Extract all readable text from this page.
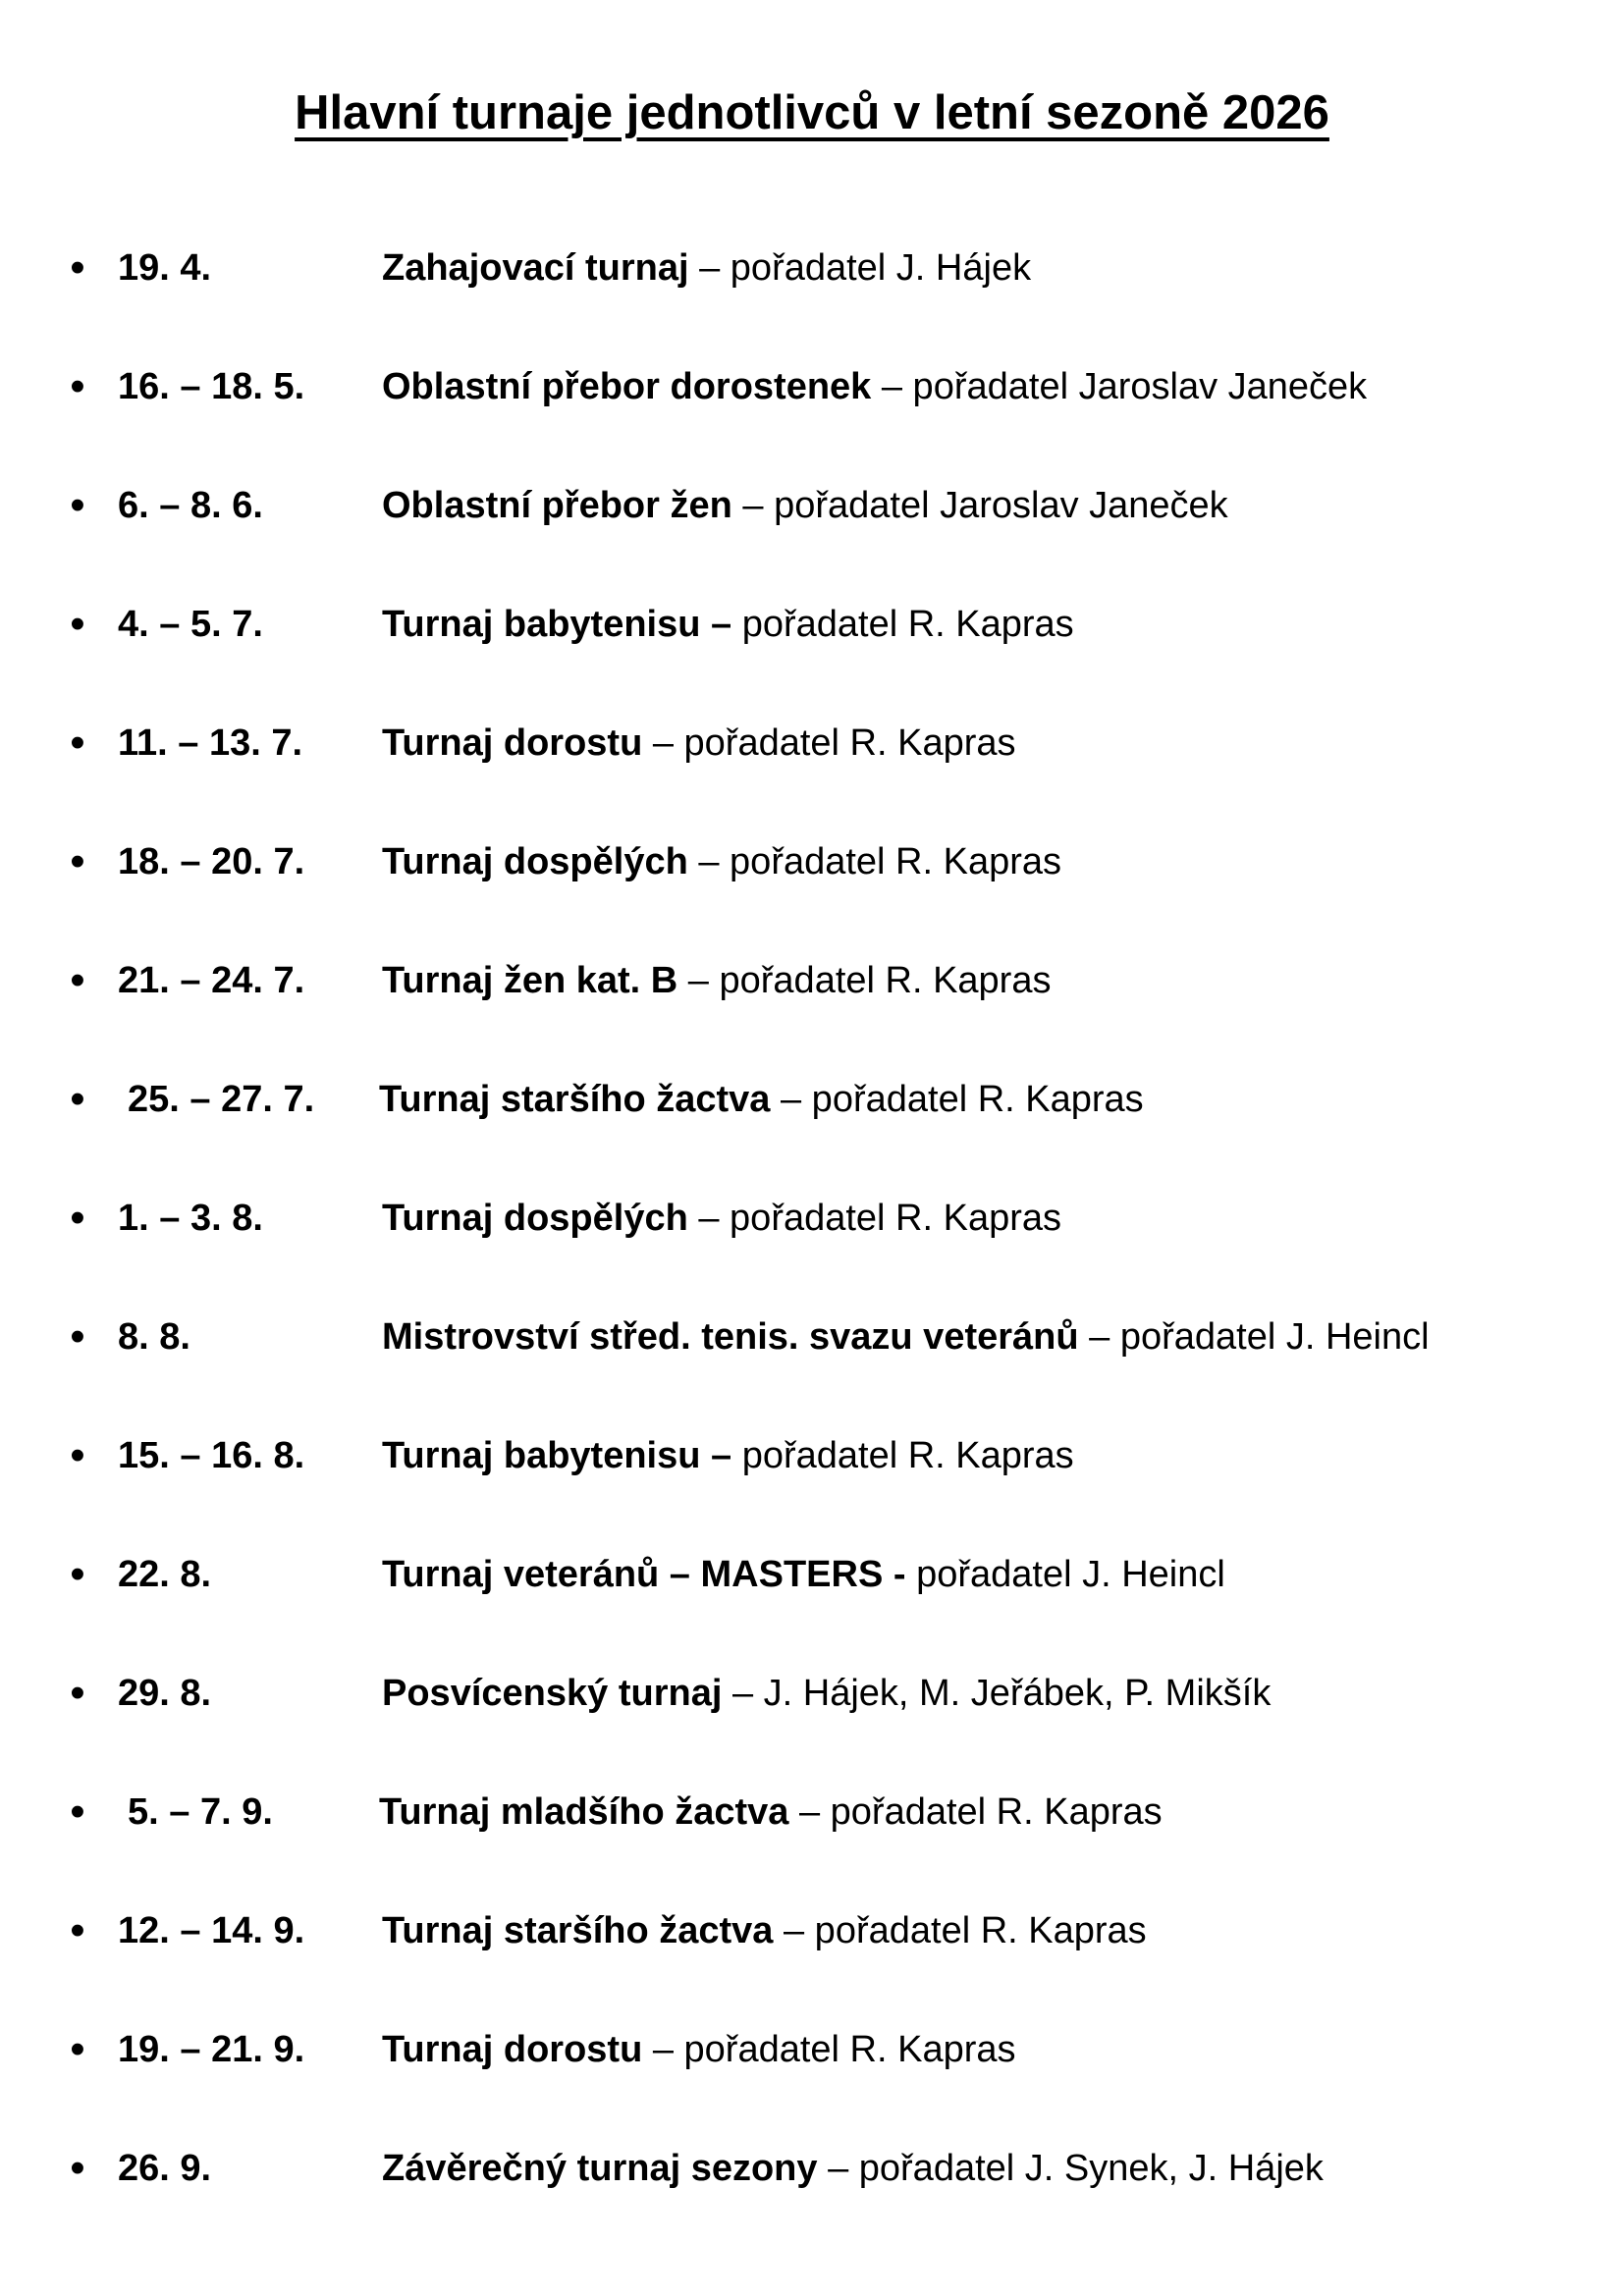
Hlavní turnaje jednotlivců v letní sezoně 2026
• 19. 4.	Zahajovací turnaj – pořadatel J. Hájek
• 16. – 18. 5. Oblastní přebor dorostenek – pořadatel Jaroslav Janeček
• 6. – 8. 6.	Oblastní přebor žen – pořadatel Jaroslav Janeček
• 4. – 5. 7.	Turnaj babytenisu – pořadatel R. Kapras
• 11. – 13. 7. Turnaj dorostu – pořadatel R. Kapras
• 18. – 20. 7. Turnaj dospělých – pořadatel R. Kapras
• 21. – 24. 7. Turnaj žen kat. B – pořadatel R. Kapras
• 25. – 27. 7. Turnaj staršího žactva – pořadatel R. Kapras
• 1. – 3. 8.	Turnaj dospělých – pořadatel R. Kapras
• 8. 8.	Mistrovství střed. tenis. svazu veteránů – pořadatel J. Heincl
• 15. – 16. 8. Turnaj babytenisu – pořadatel R. Kapras
• 22. 8.	Turnaj veteránů – MASTERS - pořadatel J. Heincl
• 29. 8.	Posvícenský turnaj – J. Hájek, M. Jeřábek, P. Mikšík
• 5. – 7. 9.	Turnaj mladšího žactva – pořadatel R. Kapras
• 12. – 14. 9. Turnaj staršího žactva – pořadatel R. Kapras
• 19. – 21. 9. Turnaj dorostu – pořadatel R. Kapras
• 26. 9.	Závěrečný turnaj sezony – pořadatel J. Synek, J. Hájek
